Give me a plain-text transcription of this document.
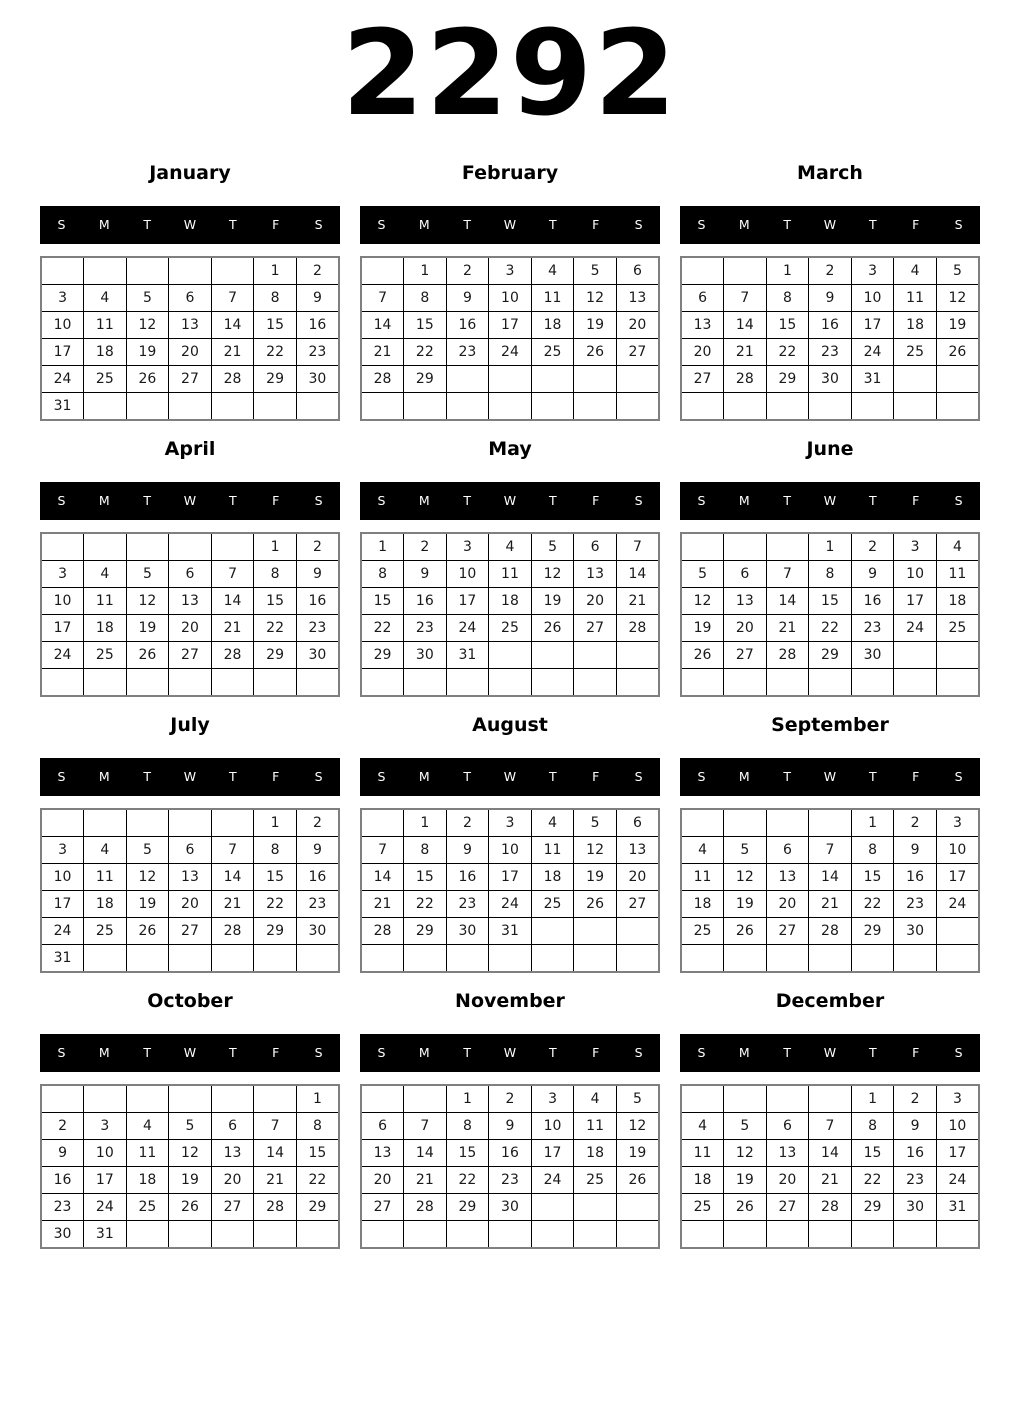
2292
January
S	M	T	W	T	F	S
					1	2
3	4	5	6	7	8	9
10	11	12	13	14	15	16
17	18	19	20	21	22	23
24	25	26	27	28	29	30
31						
February
S	M	T	W	T	F	S
	1	2	3	4	5	6
7	8	9	10	11	12	13
14	15	16	17	18	19	20
21	22	23	24	25	26	27
28	29					

March
S	M	T	W	T	F	S
		1	2	3	4	5
6	7	8	9	10	11	12
13	14	15	16	17	18	19
20	21	22	23	24	25	26
27	28	29	30	31		

April
S	M	T	W	T	F	S
					1	2
3	4	5	6	7	8	9
10	11	12	13	14	15	16
17	18	19	20	21	22	23
24	25	26	27	28	29	30

May
S	M	T	W	T	F	S
1	2	3	4	5	6	7
8	9	10	11	12	13	14
15	16	17	18	19	20	21
22	23	24	25	26	27	28
29	30	31				

June
S	M	T	W	T	F	S
			1	2	3	4
5	6	7	8	9	10	11
12	13	14	15	16	17	18
19	20	21	22	23	24	25
26	27	28	29	30		

July
S	M	T	W	T	F	S
					1	2
3	4	5	6	7	8	9
10	11	12	13	14	15	16
17	18	19	20	21	22	23
24	25	26	27	28	29	30
31						
August
S	M	T	W	T	F	S
	1	2	3	4	5	6
7	8	9	10	11	12	13
14	15	16	17	18	19	20
21	22	23	24	25	26	27
28	29	30	31			

September
S	M	T	W	T	F	S
				1	2	3
4	5	6	7	8	9	10
11	12	13	14	15	16	17
18	19	20	21	22	23	24
25	26	27	28	29	30	

October
S	M	T	W	T	F	S
						1
2	3	4	5	6	7	8
9	10	11	12	13	14	15
16	17	18	19	20	21	22
23	24	25	26	27	28	29
30	31					
November
S	M	T	W	T	F	S
		1	2	3	4	5
6	7	8	9	10	11	12
13	14	15	16	17	18	19
20	21	22	23	24	25	26
27	28	29	30			

December
S	M	T	W	T	F	S
				1	2	3
4	5	6	7	8	9	10
11	12	13	14	15	16	17
18	19	20	21	22	23	24
25	26	27	28	29	30	31
